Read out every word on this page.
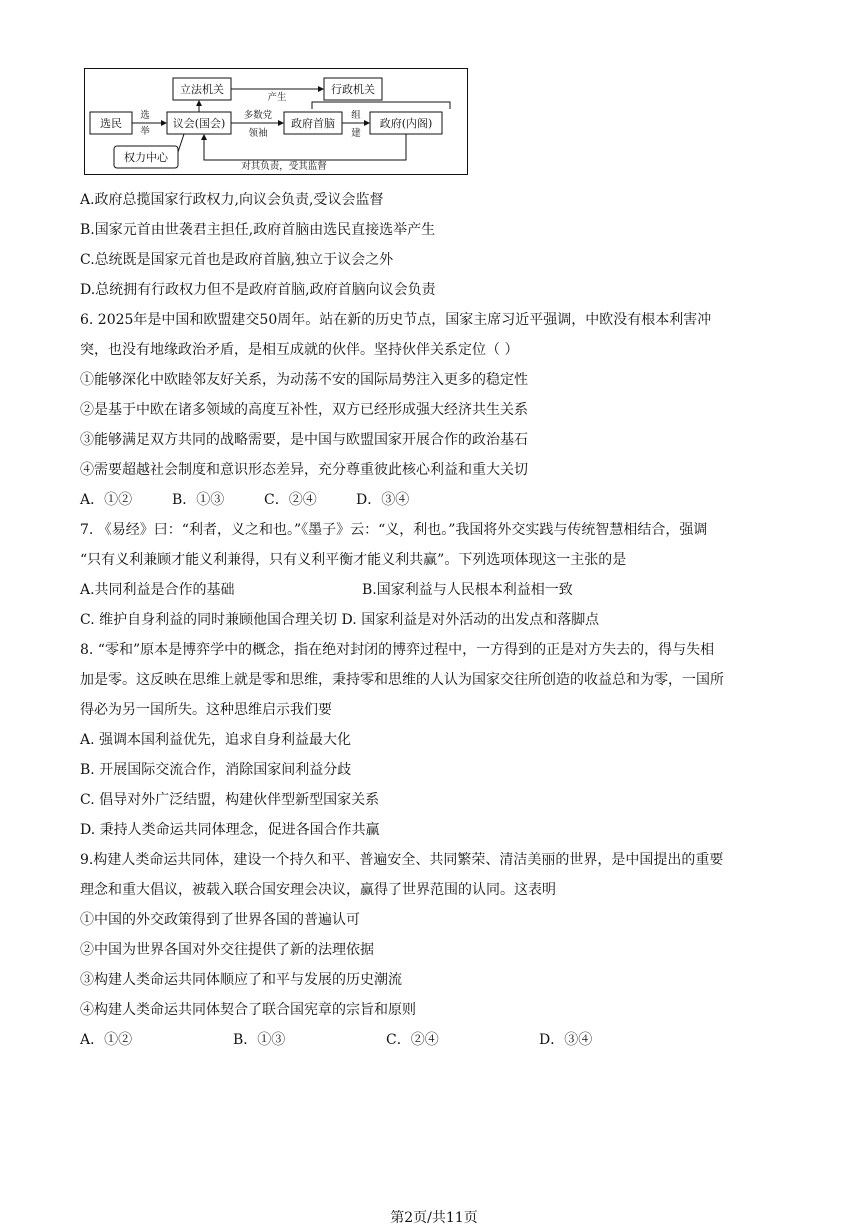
立法机关	行政机关
选民	议会(国会)	政府首脑	政府(内阁)
权力中心
选
举
产生
多数党
领袖
组
建
对其负责，受其监督
A.政府总揽国家行政权力,向议会负责,受议会监督
B.国家元首由世袭君主担任,政府首脑由选民直接选举产生
C.总统既是国家元首也是政府首脑,独立于议会之外
D.总统拥有行政权力但不是政府首脑,政府首脑向议会负责
6. 2025年是中国和欧盟建交50周年。站在新的历史节点，国家主席习近平强调，中欧没有根本利害冲
突，也没有地缘政治矛盾，是相互成就的伙伴。坚持伙伴关系定位（ ）
①能够深化中欧睦邻友好关系，为动荡不安的国际局势注入更多的稳定性
②是基于中欧在诸多领域的高度互补性，双方已经形成强大经济共生关系
③能够满足双方共同的战略需要，是中国与欧盟国家开展合作的政治基石
④需要超越社会制度和意识形态差异，充分尊重彼此核心利益和重大关切
A．①②	B．①③	C．②④	D．③④
7. 《易经》曰：“利者，义之和也。”《墨子》云：“义，利也。”我国将外交实践与传统智慧相结合，强调
“只有义利兼顾才能义利兼得，只有义利平衡才能义利共赢”。下列选项体现这一主张的是
A.共同利益是合作的基础	B.国家利益与人民根本利益相一致
C. 维护自身利益的同时兼顾他国合理关切 D. 国家利益是对外活动的出发点和落脚点
8. “零和”原本是博弈学中的概念，指在绝对封闭的博弈过程中，一方得到的正是对方失去的，得与失相
加是零。这反映在思维上就是零和思维，秉持零和思维的人认为国家交往所创造的收益总和为零，一国所
得必为另一国所失。这种思维启示我们要
A. 强调本国利益优先，追求自身利益最大化
B. 开展国际交流合作，消除国家间利益分歧
C. 倡导对外广泛结盟，构建伙伴型新型国家关系
D. 秉持人类命运共同体理念，促进各国合作共赢
9.构建人类命运共同体，建设一个持久和平、普遍安全、共同繁荣、清洁美丽的世界，是中国提出的重要
理念和重大倡议，被载入联合国安理会决议，赢得了世界范围的认同。这表明
①中国的外交政策得到了世界各国的普遍认可
②中国为世界各国对外交往提供了新的法理依据
③构建人类命运共同体顺应了和平与发展的历史潮流
④构建人类命运共同体契合了联合国宪章的宗旨和原则
A．①②	B．①③	C．②④	D．③④
第2页/共11页
